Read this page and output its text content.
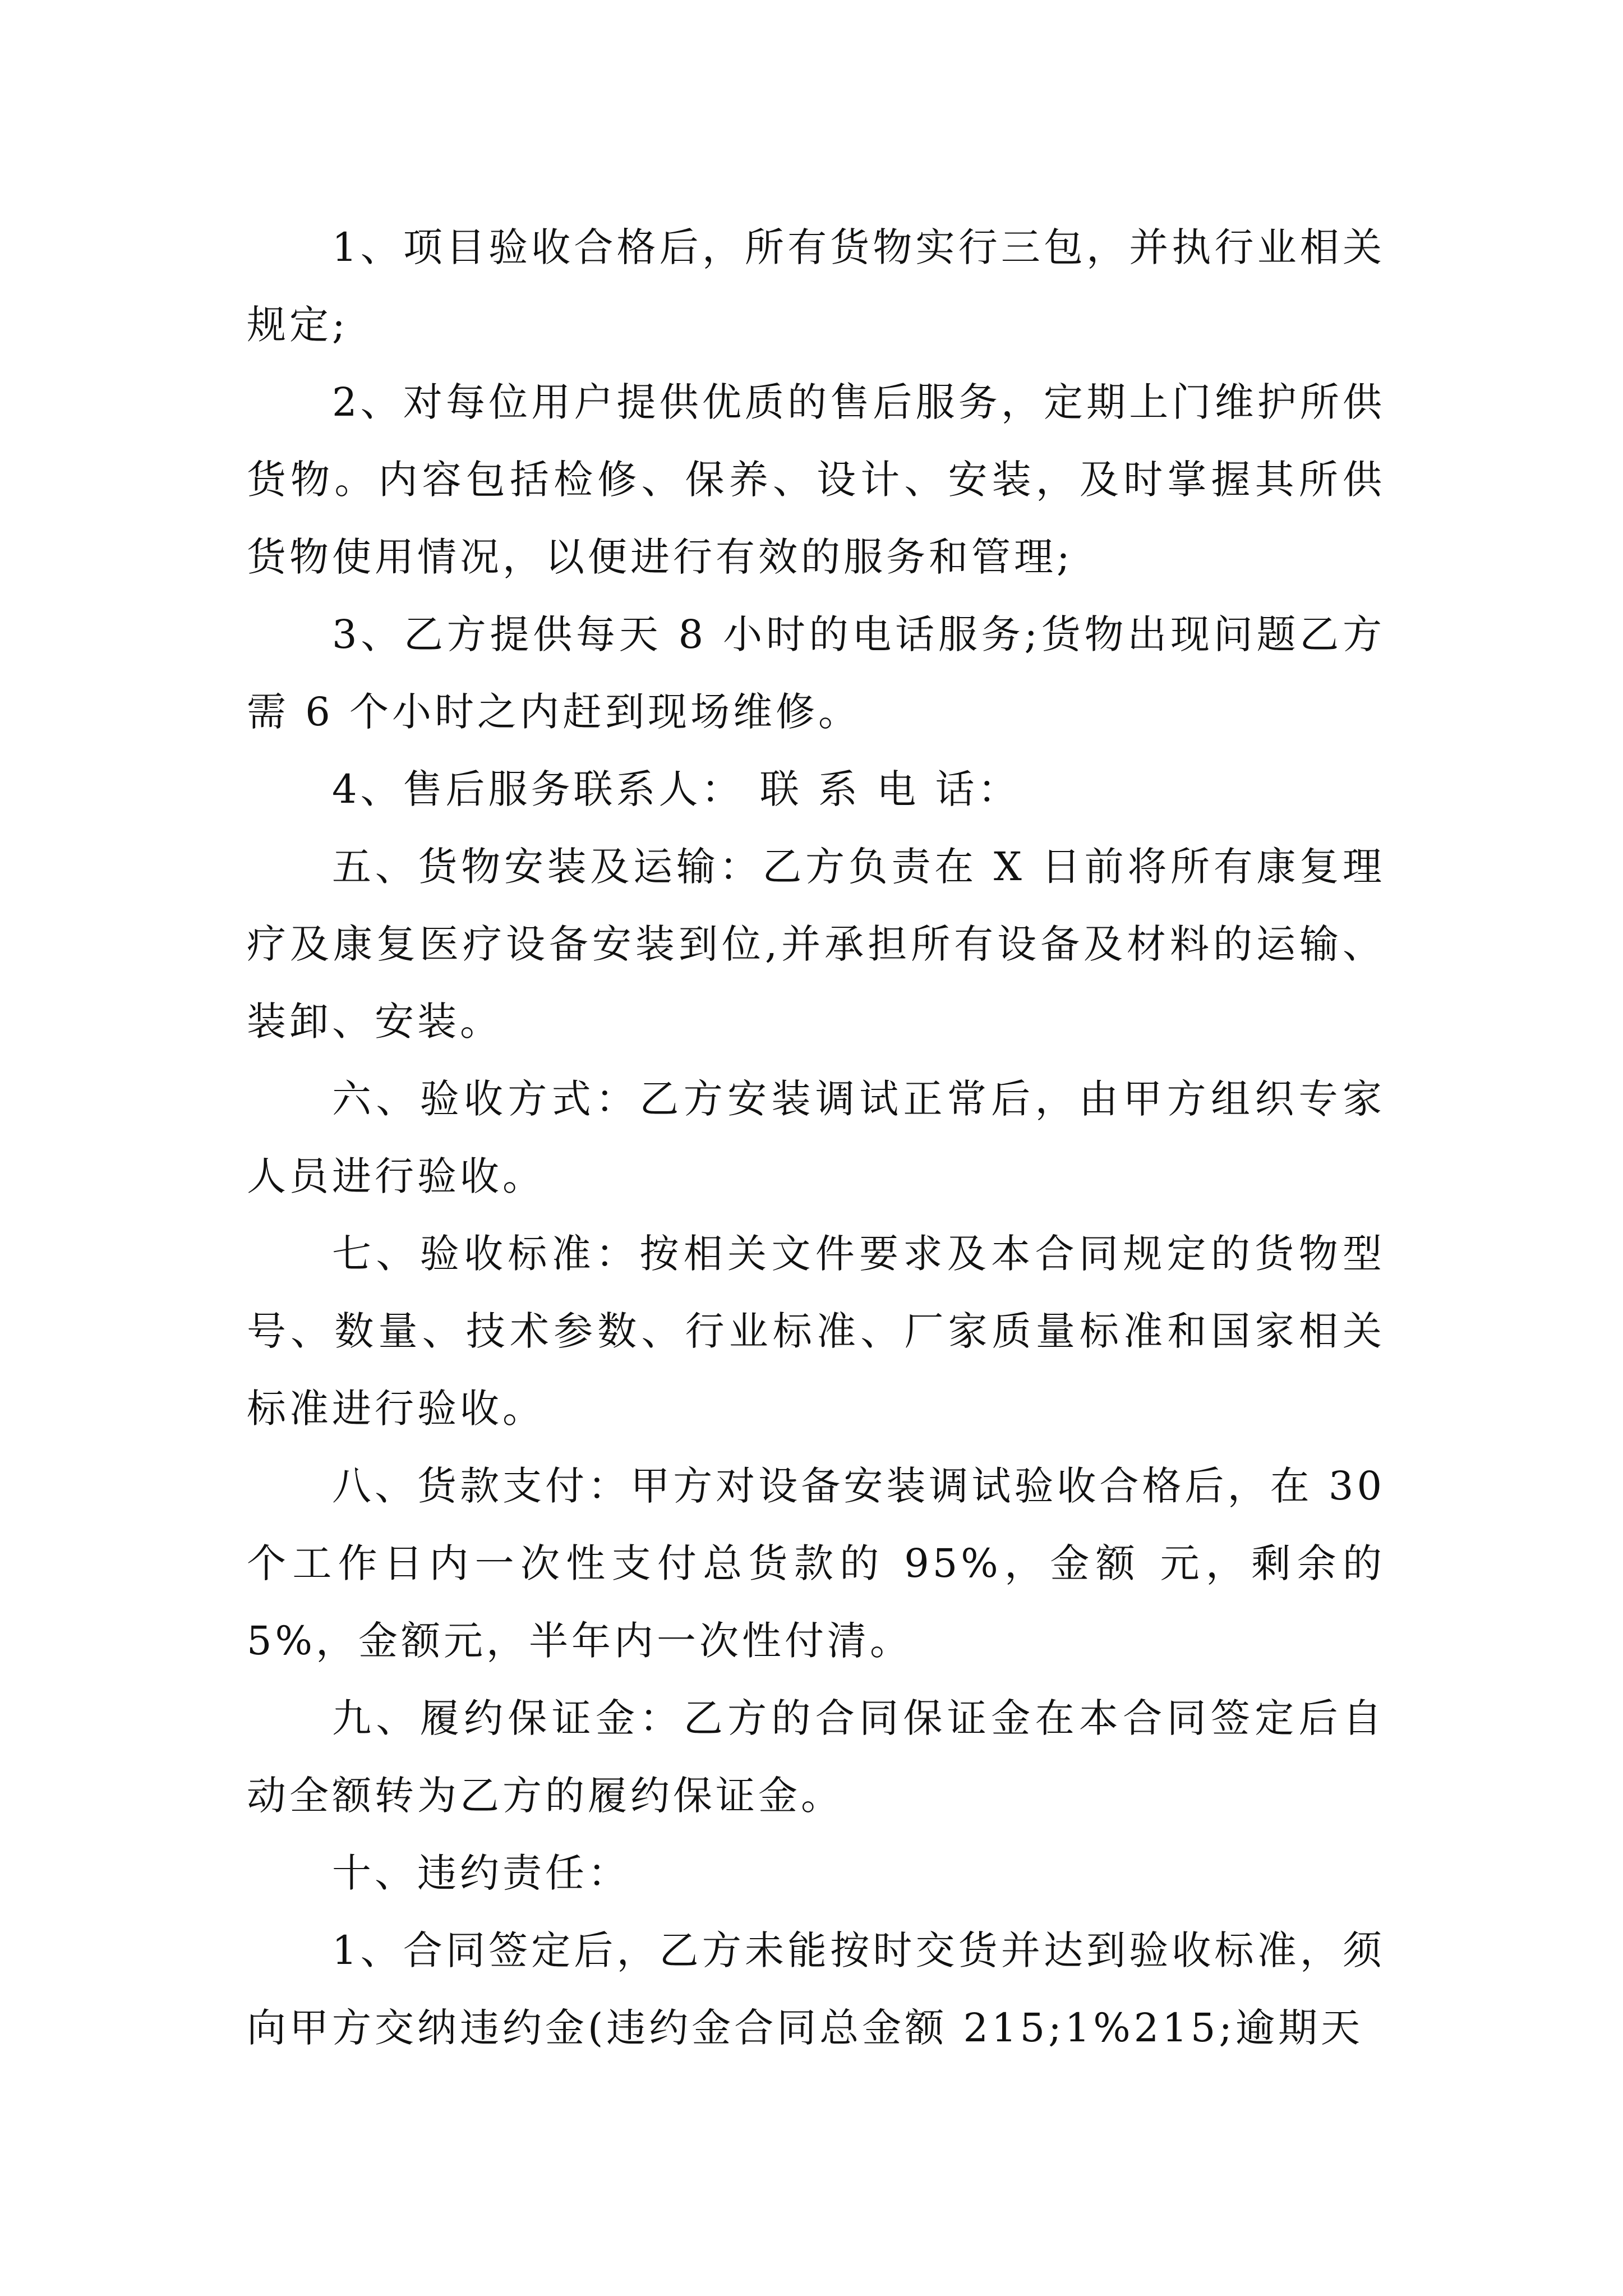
1、项目验收合格后，所有货物实行三包，并执行业相关规定;

2、对每位用户提供优质的售后服务，定期上门维护所供货物。内容包括检修、保养、设计、安装，及时掌握其所供货物使用情况，以便进行有效的服务和管理;

3、乙方提供每天 8 小时的电话服务;货物出现问题乙方需 6 个小时之内赶到现场维修。

4、售后服务联系人： 联 系 电 话：

五、货物安装及运输：乙方负责在 X 日前将所有康复理疗及康复医疗设备安装到位,并承担所有设备及材料的运输、装卸、安装。

六、验收方式：乙方安装调试正常后，由甲方组织专家人员进行验收。

七、验收标准：按相关文件要求及本合同规定的货物型号、数量、技术参数、行业标准、厂家质量标准和国家相关标准进行验收。

八、货款支付：甲方对设备安装调试验收合格后，在 30 个工作日内一次性支付总货款的 95%，金额 元，剩余的 5%，金额元，半年内一次性付清。

九、履约保证金：乙方的合同保证金在本合同签定后自动全额转为乙方的履约保证金。

十、违约责任：

1、合同签定后，乙方未能按时交货并达到验收标准，须向甲方交纳违约金(违约金合同总金额 215;1%215;逾期天
